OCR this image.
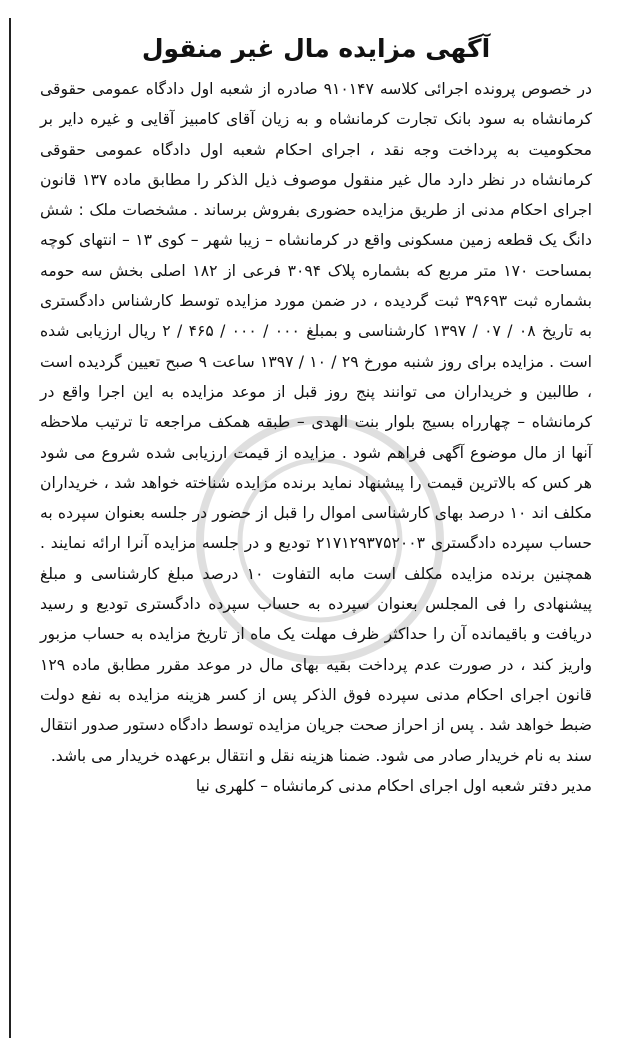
آگهی مزایده مال غیر منقول

در خصوص پرونده اجرائی کلاسه ۹۱۰۱۴۷ صادره از شعبه اول دادگاه عمومی حقوقی کرمانشاه به سود بانک تجارت کرمانشاه و به زیان آقای کامبیز آقایی و غیره دایر بر محکومیت به پرداخت وجه نقد ، اجرای احکام شعبه اول دادگاه عمومی حقوقی کرمانشاه در نظر دارد مال غیر منقول موصوف ذیل الذکر را مطابق ماده ۱۳۷ قانون اجرای احکام مدنی از طریق مزایده حضوری بفروش برساند . مشخصات ملک : شش دانگ یک قطعه زمین مسکونی واقع در کرمانشاه – زیبا شهر – کوی ۱۳ – انتهای کوچه بمساحت ۱۷۰ متر مربع که بشماره پلاک ۳۰۹۴ فرعی از ۱۸۲ اصلی بخش سه حومه بشماره ثبت ۳۹۶۹۳ ثبت گردیده ، در ضمن مورد مزایده توسط کارشناس دادگستری به تاریخ ۰۸ / ۰۷ / ۱۳۹۷ کارشناسی و بمبلغ ۰۰۰ / ۰۰۰ / ۴۶۵ / ۲ ریال ارزیابی شده است . مزایده برای روز شنبه مورخ ۲۹ / ۱۰ / ۱۳۹۷ ساعت ۹ صبح تعیین گردیده است ، طالبین و خریداران می توانند پنج روز قبل از موعد مزایده به این اجرا واقع در کرمانشاه – چهارراه بسیج بلوار بنت الهدی – طبقه همکف مراجعه تا ترتیب ملاحظه آنها از مال موضوع آگهی فراهم شود . مزایده از قیمت ارزیابی شده شروع می شود هر کس که بالاترین قیمت را پیشنهاد نماید برنده مزایده شناخته خواهد شد ، خریداران مکلف اند ۱۰ درصد بهای کارشناسی اموال را قبل از حضور در جلسه بعنوان سپرده به حساب سپرده دادگستری ۲۱۷۱۲۹۳۷۵۲۰۰۳ توديع و در جلسه مزایده آنرا ارائه نمایند . همچنین برنده مزایده مکلف است مابه التفاوت ۱۰ درصد مبلغ کارشناسی و مبلغ پیشنهادی را فی المجلس بعنوان سپرده به حساب سپرده دادگستری توديع و رسید دریافت و باقیمانده آن را حداکثر ظرف مهلت یک ماه از تاریخ مزایده به حساب مزبور واریز کند ، در صورت عدم پرداخت بقیه بهای مال در موعد مقرر مطابق ماده ۱۲۹ قانون اجرای احکام مدنی سپرده فوق الذکر پس از کسر هزینه مزایده به نفع دولت ضبط خواهد شد . پس از احراز صحت جریان مزایده توسط دادگاه دستور صدور انتقال سند به نام خریدار صادر می شود. ضمنا هزینه نقل و انتقال برعهده خریدار می باشد.

مدیر دفتر شعبه اول اجرای احکام مدنی کرمانشاه – کلهری نیا
